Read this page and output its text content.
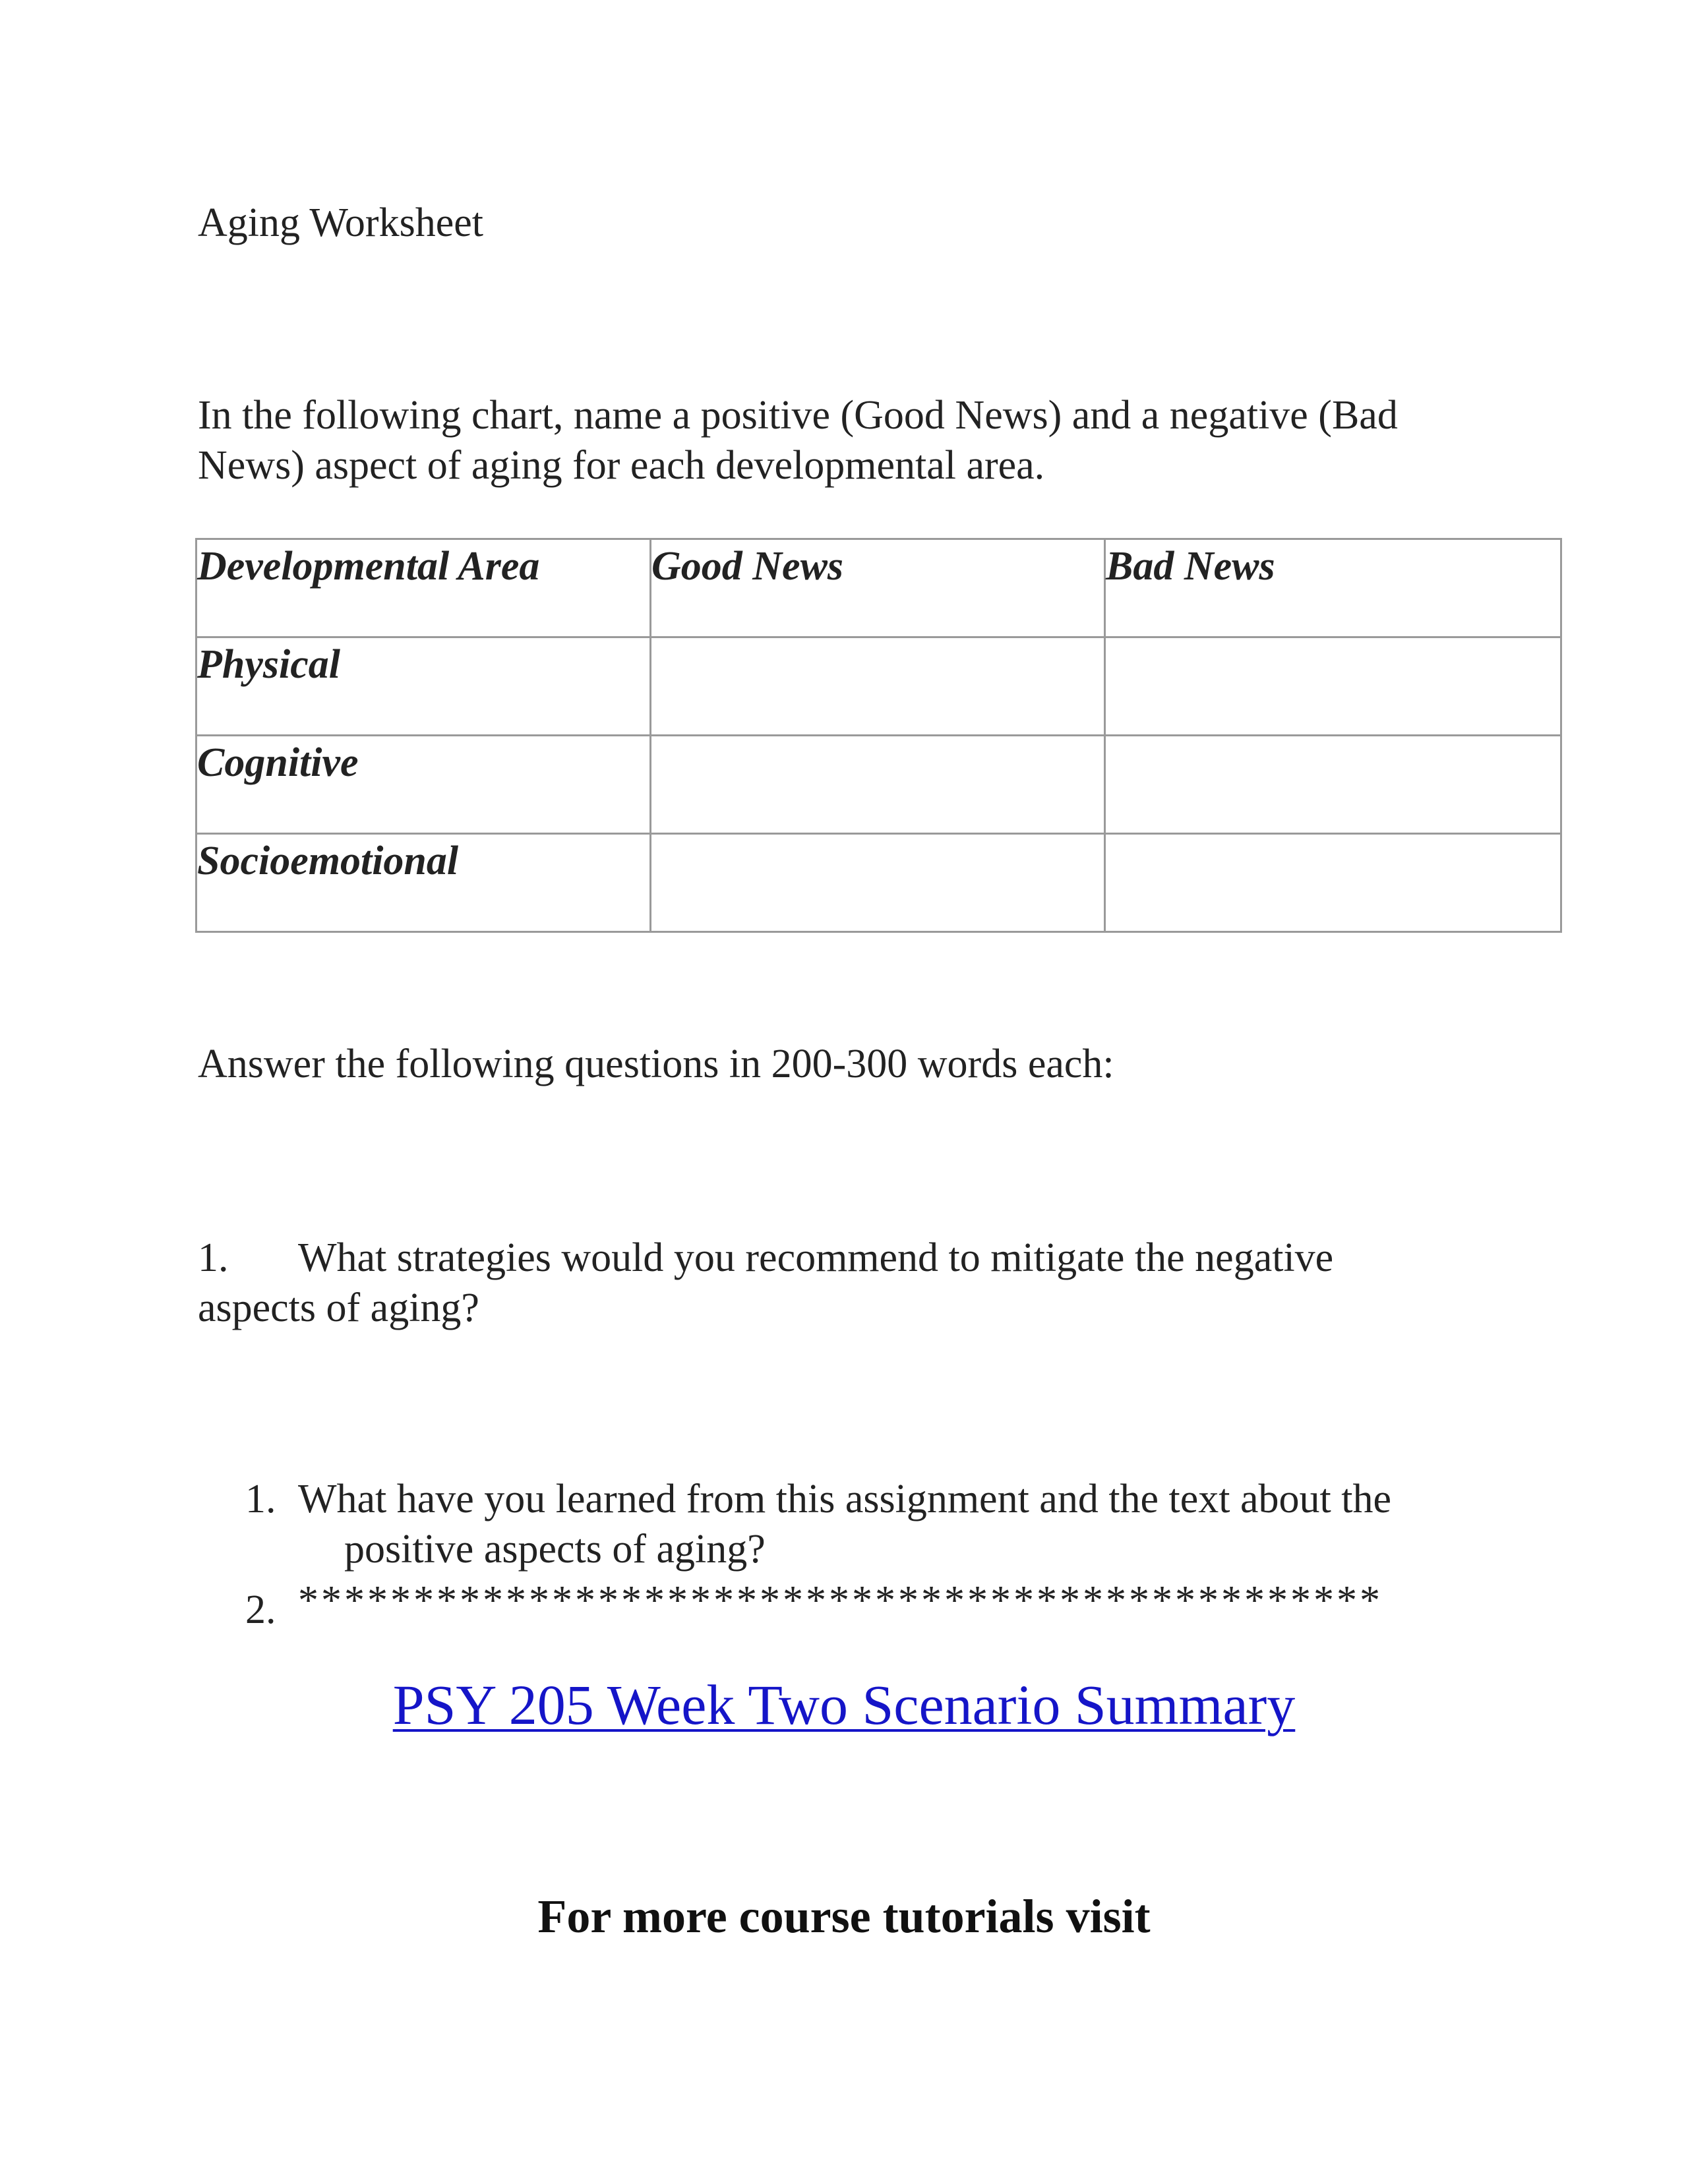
Aging Worksheet
In the following chart, name a positive (Good News) and a negative (Bad News) aspect of aging for each developmental area.
Developmental Area	Good News	Bad News

Physical		

Cognitive		

Socioemotional		

Answer the following questions in 200-300 words each:
1. What strategies would you recommend to mitigate the negative
aspects of aging?
1. What have you learned from this assignment and the text about the
positive aspects of aging?
2. ***********************************************
PSY 205 Week Two Scenario Summary
For more course tutorials visit
